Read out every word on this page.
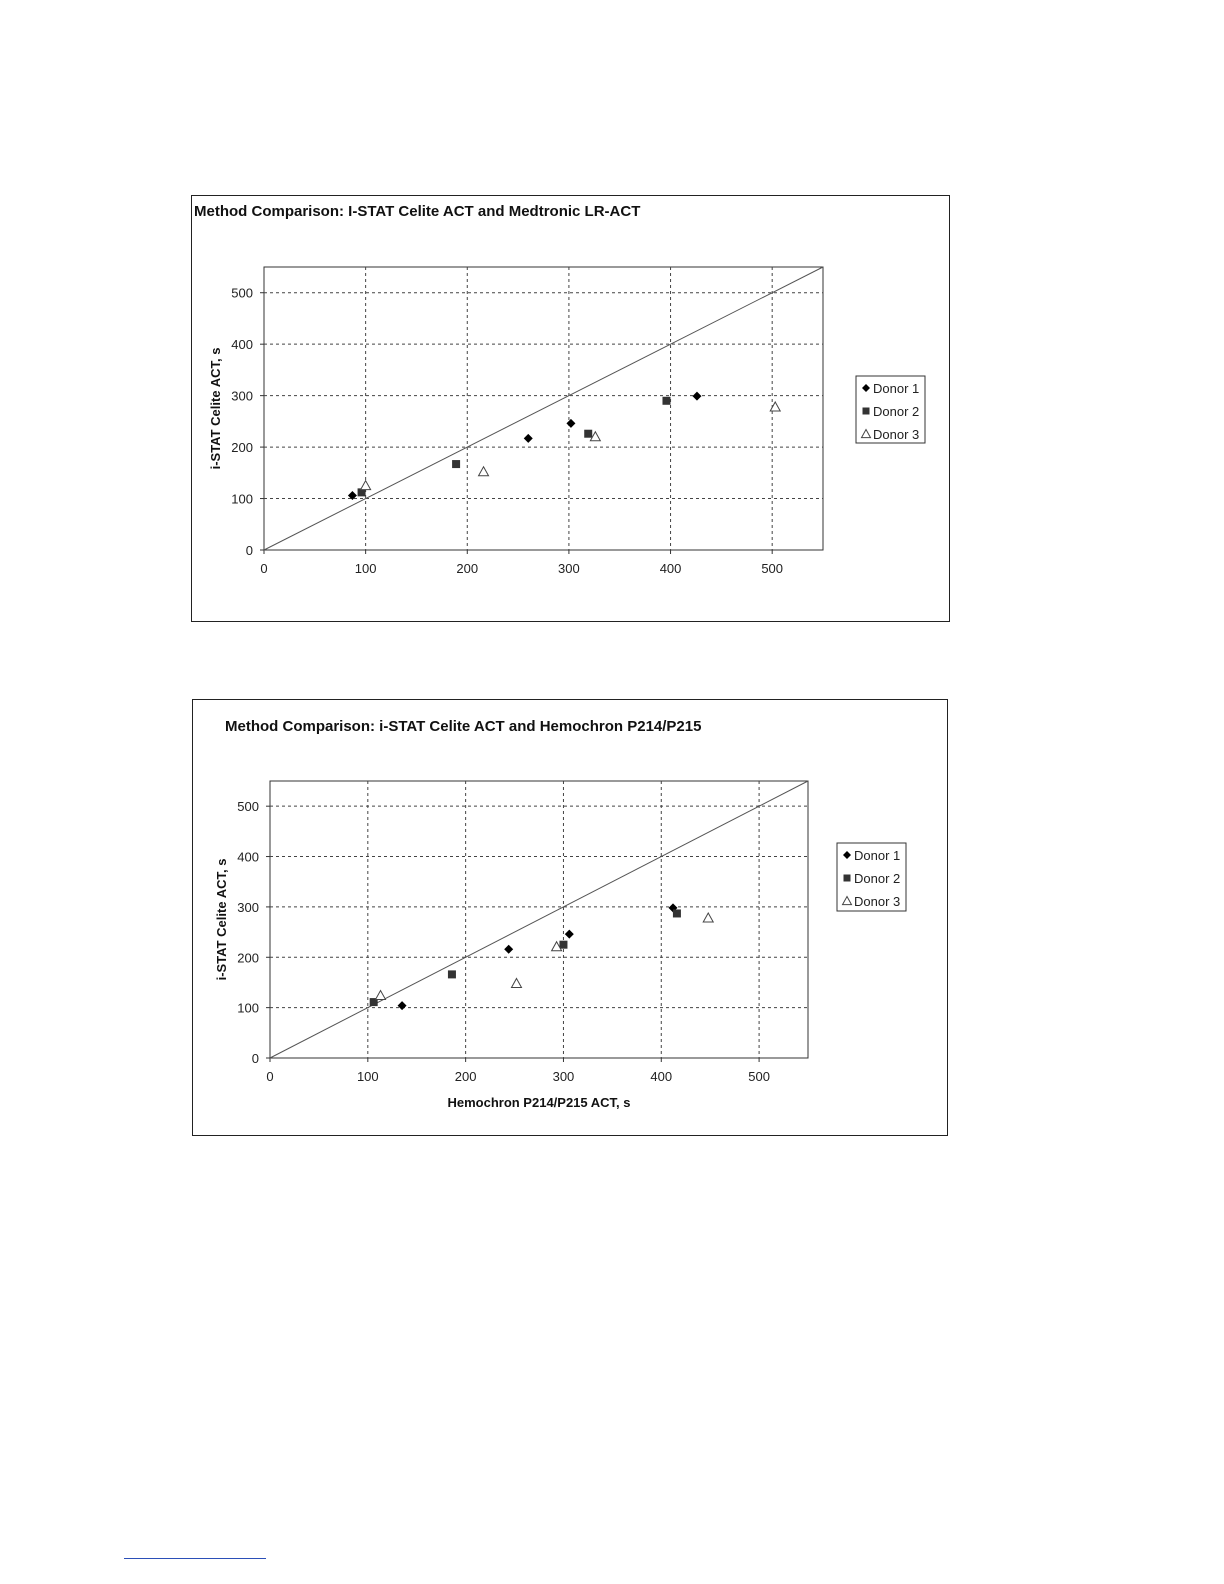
Method Comparison: I-STAT Celite ACT and Medtronic LR-ACT
0	100	200	300	400	500
0
100
200
300
400
500
i-STAT Celite ACT, s	Donor 1
Donor 2
Donor 3
Method Comparison: i-STAT Celite ACT and Hemochron P214/P215
0	100	200	300	400	500
0
100
200
300
400
500
i-STAT Celite ACT, s
Hemochron P214/P215 ACT, s
Donor 1
Donor 2
Donor 3
